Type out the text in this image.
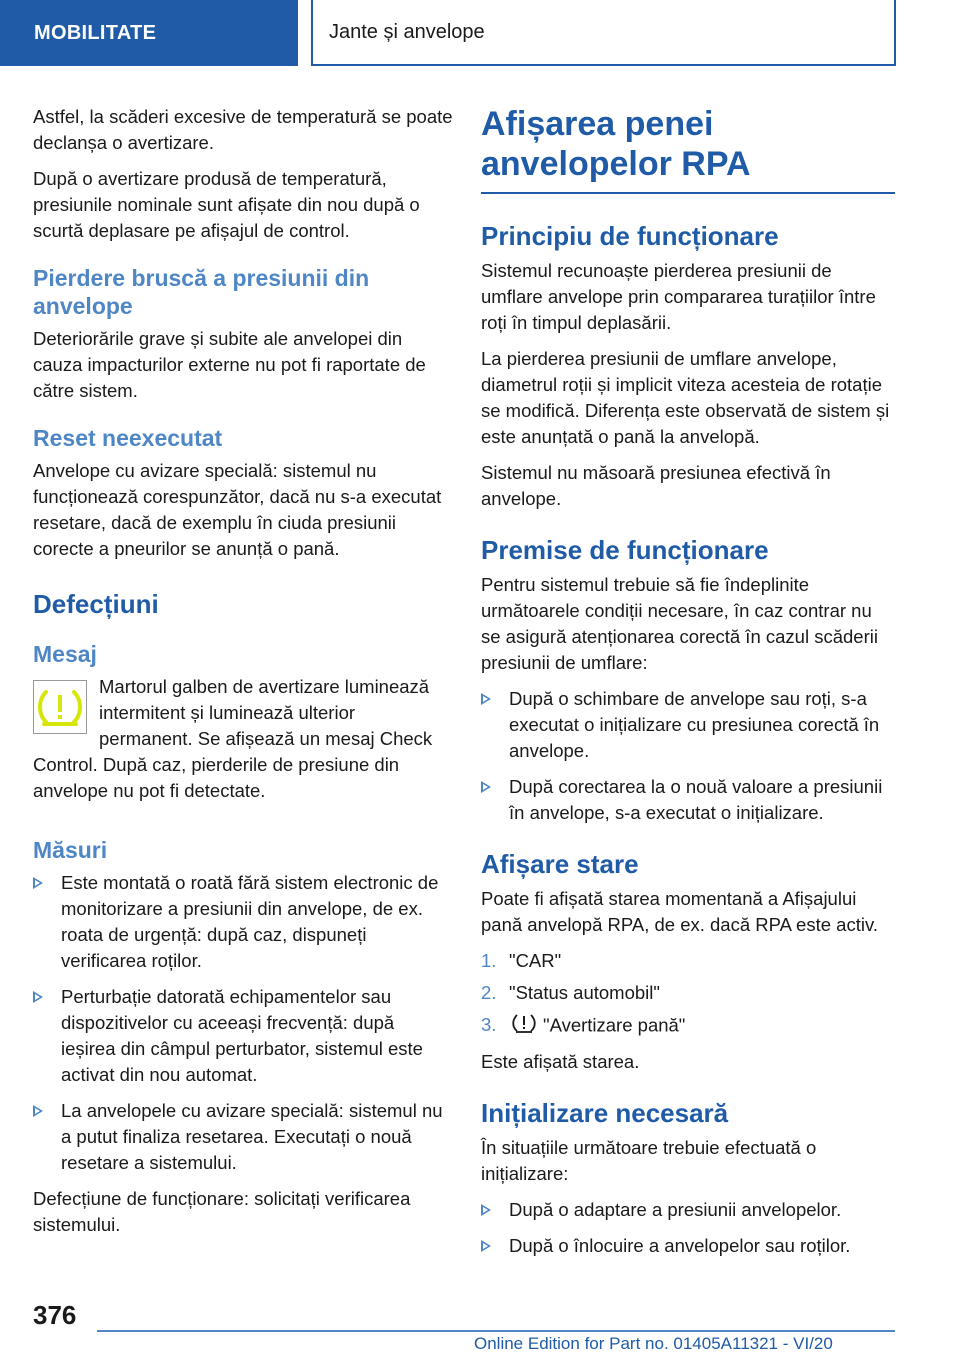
MOBILITATE	Jante și anvelope

Astfel, la scăderi excesive de temperatură se poate declanșa o avertizare.

După o avertizare produsă de temperatură, presiunile nominale sunt afișate din nou după o scurtă deplasare pe afișajul de control.

Pierdere bruscă a presiunii din anvelope

Deteriorările grave și subite ale anvelopei din cauza impacturilor externe nu pot fi raportate de către sistem.

Reset neexecutat

Anvelope cu avizare specială: sistemul nu funcționează corespunzător, dacă nu s-a executat resetare, dacă de exemplu în ciuda presiunii corecte a pneurilor se anunță o pană.

Defecțiuni
Mesaj

Martorul galben de avertizare luminează intermitent și luminează ulterior permanent. Se afișează un mesaj Check Control. După caz, pierderile de presiune din anvelope nu pot fi detectate.

Măsuri
Este montată o roată fără sistem electronic de monitorizare a presiunii din anvelope, de ex. roata de urgență: după caz, dispuneți verificarea roților.
Perturbație datorată echipamentelor sau dispozitivelor cu aceeași frecvență: după ieșirea din câmpul perturbator, sistemul este activat din nou automat.
La anvelopele cu avizare specială: sistemul nu a putut finaliza resetarea. Executați o nouă resetare a sistemului.

Defecțiune de funcționare: solicitați verificarea sistemului.

Afișarea penei anvelopelor RPA
Principiu de funcționare

Sistemul recunoaște pierderea presiunii de umflare anvelope prin compararea turațiilor între roți în timpul deplasării.

La pierderea presiunii de umflare anvelope, diametrul roții și implicit viteza acesteia de rotație se modifică. Diferența este observată de sistem și este anunțată o pană la anvelopă.

Sistemul nu măsoară presiunea efectivă în anvelope.

Premise de funcționare

Pentru sistemul trebuie să fie îndeplinite următoarele condiții necesare, în caz contrar nu se asigură atenționarea corectă în cazul scăderii presiunii de umflare:

După o schimbare de anvelope sau roți, s-a executat o inițializare cu presiunea corectă în anvelope.
După corectarea la o nouă valoare a presiunii în anvelope, s-a executat o inițializare.
Afișare stare

Poate fi afișată starea momentană a Afișajului pană anvelopă RPA, de ex. dacă RPA este activ.

1. "CAR"
2. "Status automobil"
3.	"Avertizare pană"

Este afișată starea.

Inițializare necesară

În situațiile următoare trebuie efectuată o inițializare:

După o adaptare a presiunii anvelopelor.
După o înlocuire a anvelopelor sau roților.
376
Online Edition for Part no. 01405A11321 - VI/20
